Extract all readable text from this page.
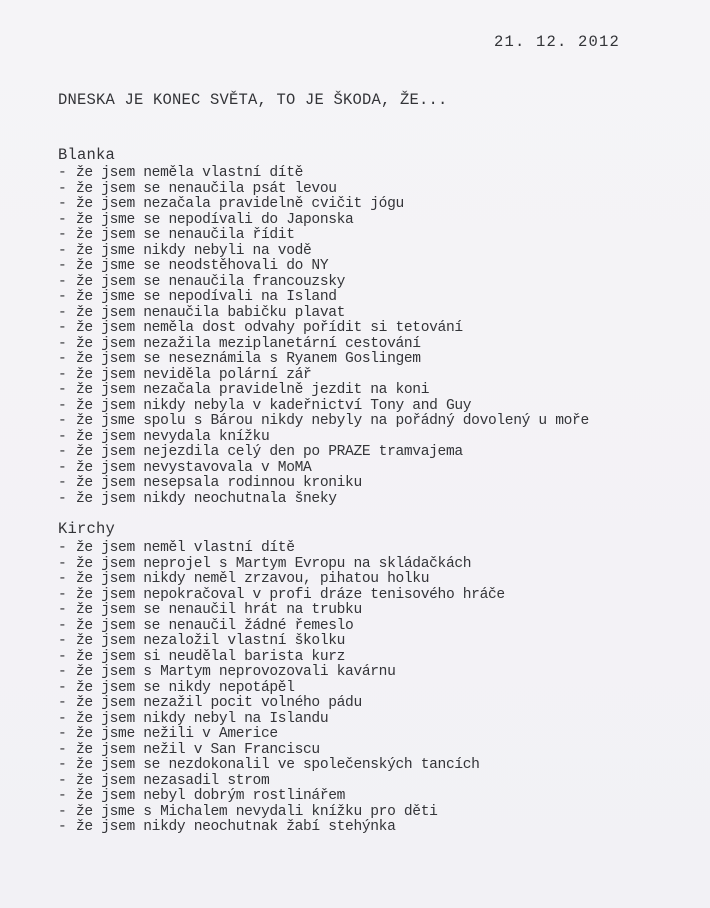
21. 12. 2012
DNESKA JE KONEC SVĚTA, TO JE ŠKODA, ŽE...
Blanka
- že jsem neměla vlastní dítě
- že jsem se nenaučila psát levou
- že jsem nezačala pravidelně cvičit jógu
- že jsme se nepodívali do Japonska
- že jsem se nenaučila řídit
- že jsme nikdy nebyli na vodě
- že jsme se neodstěhovali do NY
- že jsem se nenaučila francouzsky
- že jsme se nepodívali na Island
- že jsem nenaučila babičku plavat
- že jsem neměla dost odvahy pořídit si tetování
- že jsem nezažila meziplanetární cestování
- že jsem se neseznámila s Ryanem Goslingem
- že jsem neviděla polární zář
- že jsem nezačala pravidelně jezdit na koni
- že jsem nikdy nebyla v kadeřnictví Tony and Guy
- že jsme spolu s Bárou nikdy nebyly na pořádný dovolený u moře
- že jsem nevydala knížku
- že jsem nejezdila celý den po PRAZE tramvajema
- že jsem nevystavovala v MoMA
- že jsem nesepsala rodinnou kroniku
- že jsem nikdy neochutnala šneky
Kirchy
- že jsem neměl vlastní dítě
- že jsem neprojel s Martym Evropu na skládačkách
- že jsem nikdy neměl zrzavou, pihatou holku
- že jsem nepokračoval v profi dráze tenisového hráče
- že jsem se nenaučil hrát na trubku
- že jsem se nenaučil žádné řemeslo
- že jsem nezaložil vlastní školku
- že jsem si neudělal barista kurz
- že jsem s Martym neprovozovali kavárnu
- že jsem se nikdy nepotápěl
- že jsem nezažil pocit volného pádu
- že jsem nikdy nebyl na Islandu
- že jsme nežili v Americe
- že jsem nežil v San Franciscu
- že jsem se nezdokonalil ve společenských tancích
- že jsem nezasadil strom
- že jsem nebyl dobrým rostlinářem
- že jsme s Michalem nevydali knížku pro děti
- že jsem nikdy neochutnak žabí stehýnka
